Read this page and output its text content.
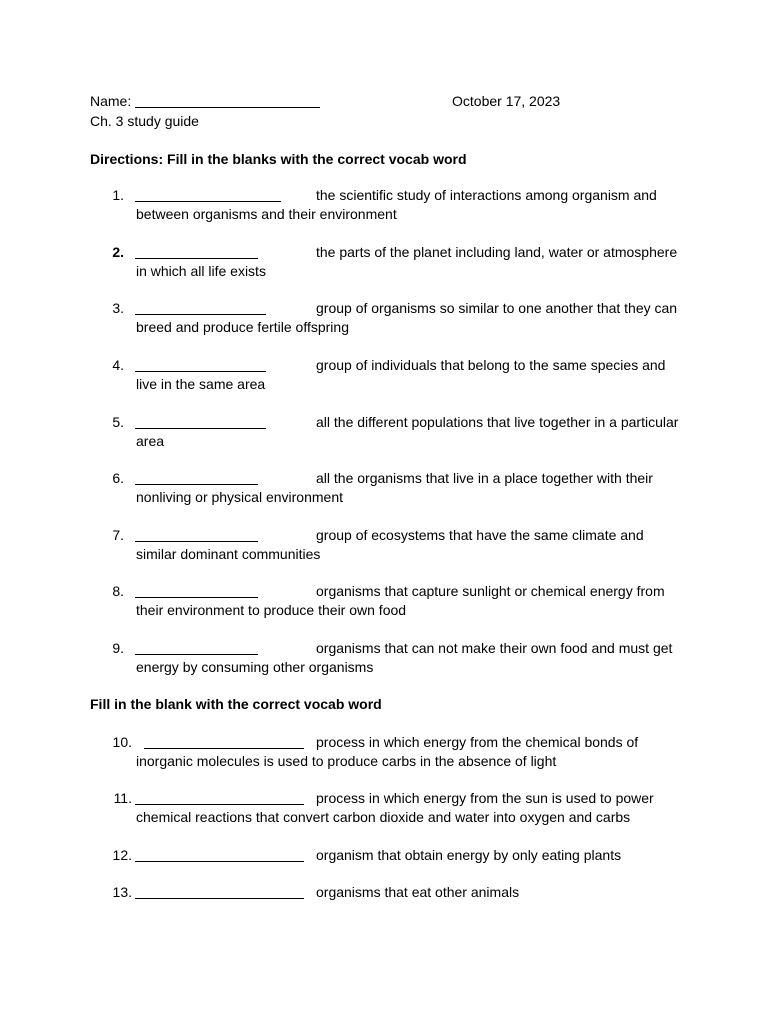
Name:	October 17, 2023
Ch. 3 study guide
Directions: Fill in the blanks with the correct vocab word
1.	the scientific study of interactions among organism and
between organisms and their environment
2.	the parts of the planet including land, water or atmosphere
in which all life exists
3.	group of organisms so similar to one another that they can
breed and produce fertile offspring
4.	group of individuals that belong to the same species and
live in the same area
5.	all the different populations that live together in a particular
area
6.	all the organisms that live in a place together with their
nonliving or physical environment
7.	group of ecosystems that have the same climate and
similar dominant communities
8.	organisms that capture sunlight or chemical energy from
their environment to produce their own food
9.	organisms that can not make their own food and must get
energy by consuming other organisms
Fill in the blank with the correct vocab word
10.	process in which energy from the chemical bonds of
inorganic molecules is used to produce carbs in the absence of light
11.	process in which energy from the sun is used to power
chemical reactions that convert carbon dioxide and water into oxygen and carbs
12.	organism that obtain energy by only eating plants
13.	organisms that eat other animals
